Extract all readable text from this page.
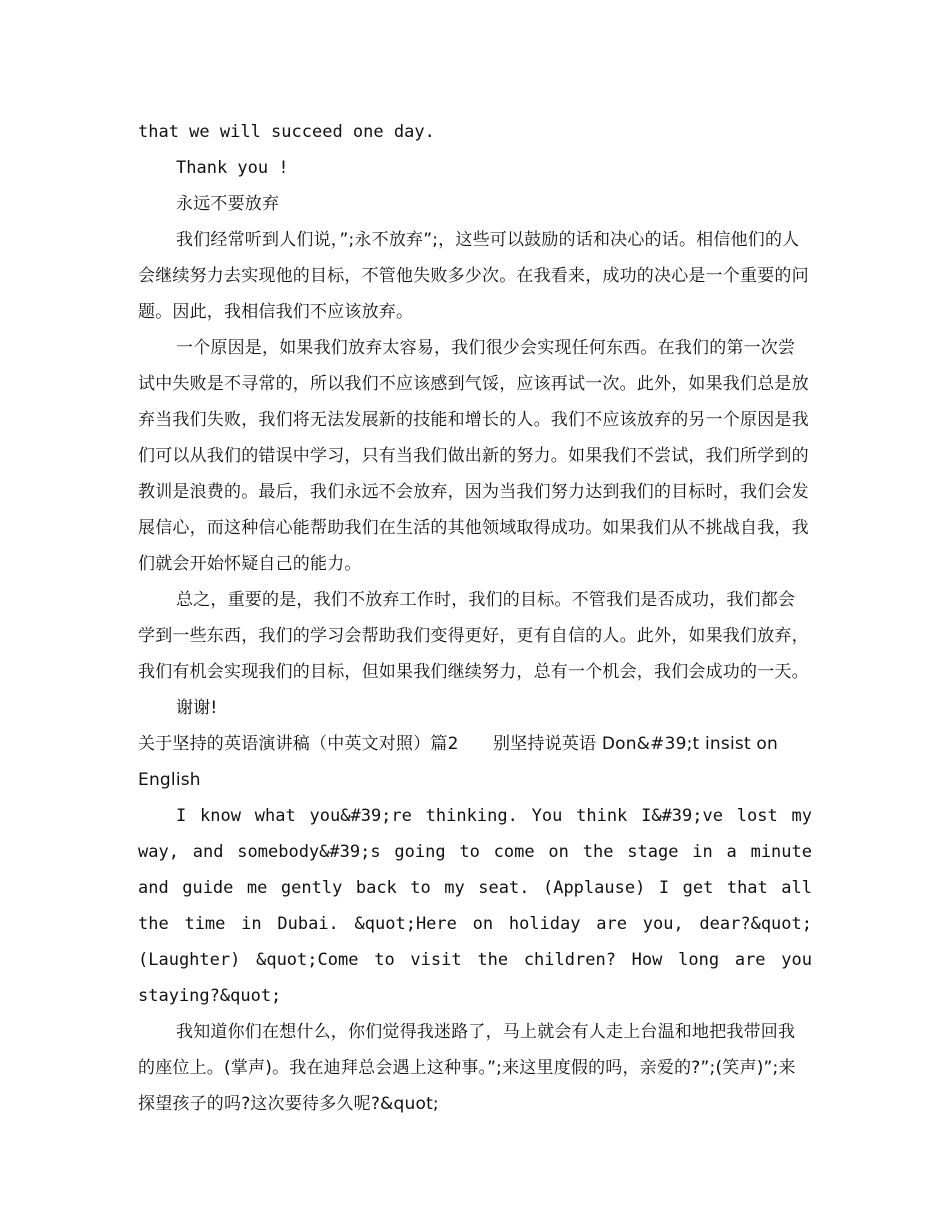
that we will succeed one day.

Thank you !

永远不要放弃

我们经常听到人们说，”;永不放弃”;，这些可以鼓励的话和决心的话。相信他们的人会继续努力去实现他的目标，不管他失败多少次。在我看来，成功的决心是一个重要的问题。因此，我相信我们不应该放弃。

一个原因是，如果我们放弃太容易，我们很少会实现任何东西。在我们的第一次尝试中失败是不寻常的，所以我们不应该感到气馁，应该再试一次。此外，如果我们总是放弃当我们失败，我们将无法发展新的技能和增长的人。我们不应该放弃的另一个原因是我们可以从我们的错误中学习，只有当我们做出新的努力。如果我们不尝试，我们所学到的教训是浪费的。最后，我们永远不会放弃，因为当我们努力达到我们的目标时，我们会发展信心，而这种信心能帮助我们在生活的其他领域取得成功。如果我们从不挑战自我，我们就会开始怀疑自己的能力。

总之，重要的是，我们不放弃工作时，我们的目标。不管我们是否成功，我们都会学到一些东西，我们的学习会帮助我们变得更好，更有自信的人。此外，如果我们放弃，我们有机会实现我们的目标，但如果我们继续努力，总有一个机会，我们会成功的一天。

谢谢!

关于坚持的英语演讲稿（中英文对照）篇2　　别坚持说英语 Don&#39;t insist on English

I know what you&#39;re thinking. You think I&#39;ve lost my way, and somebody&#39;s going to come on the stage in a minute and guide me gently back to my seat. (Applause) I get that all the time in Dubai. &quot;Here on holiday are you, dear?&quot; (Laughter) &quot;Come to visit the children? How long are you staying?&quot;

我知道你们在想什么，你们觉得我迷路了，马上就会有人走上台温和地把我带回我的座位上。(掌声)。我在迪拜总会遇上这种事。”;来这里度假的吗，亲爱的?”;(笑声)”;来探望孩子的吗?这次要待多久呢?&quot;
